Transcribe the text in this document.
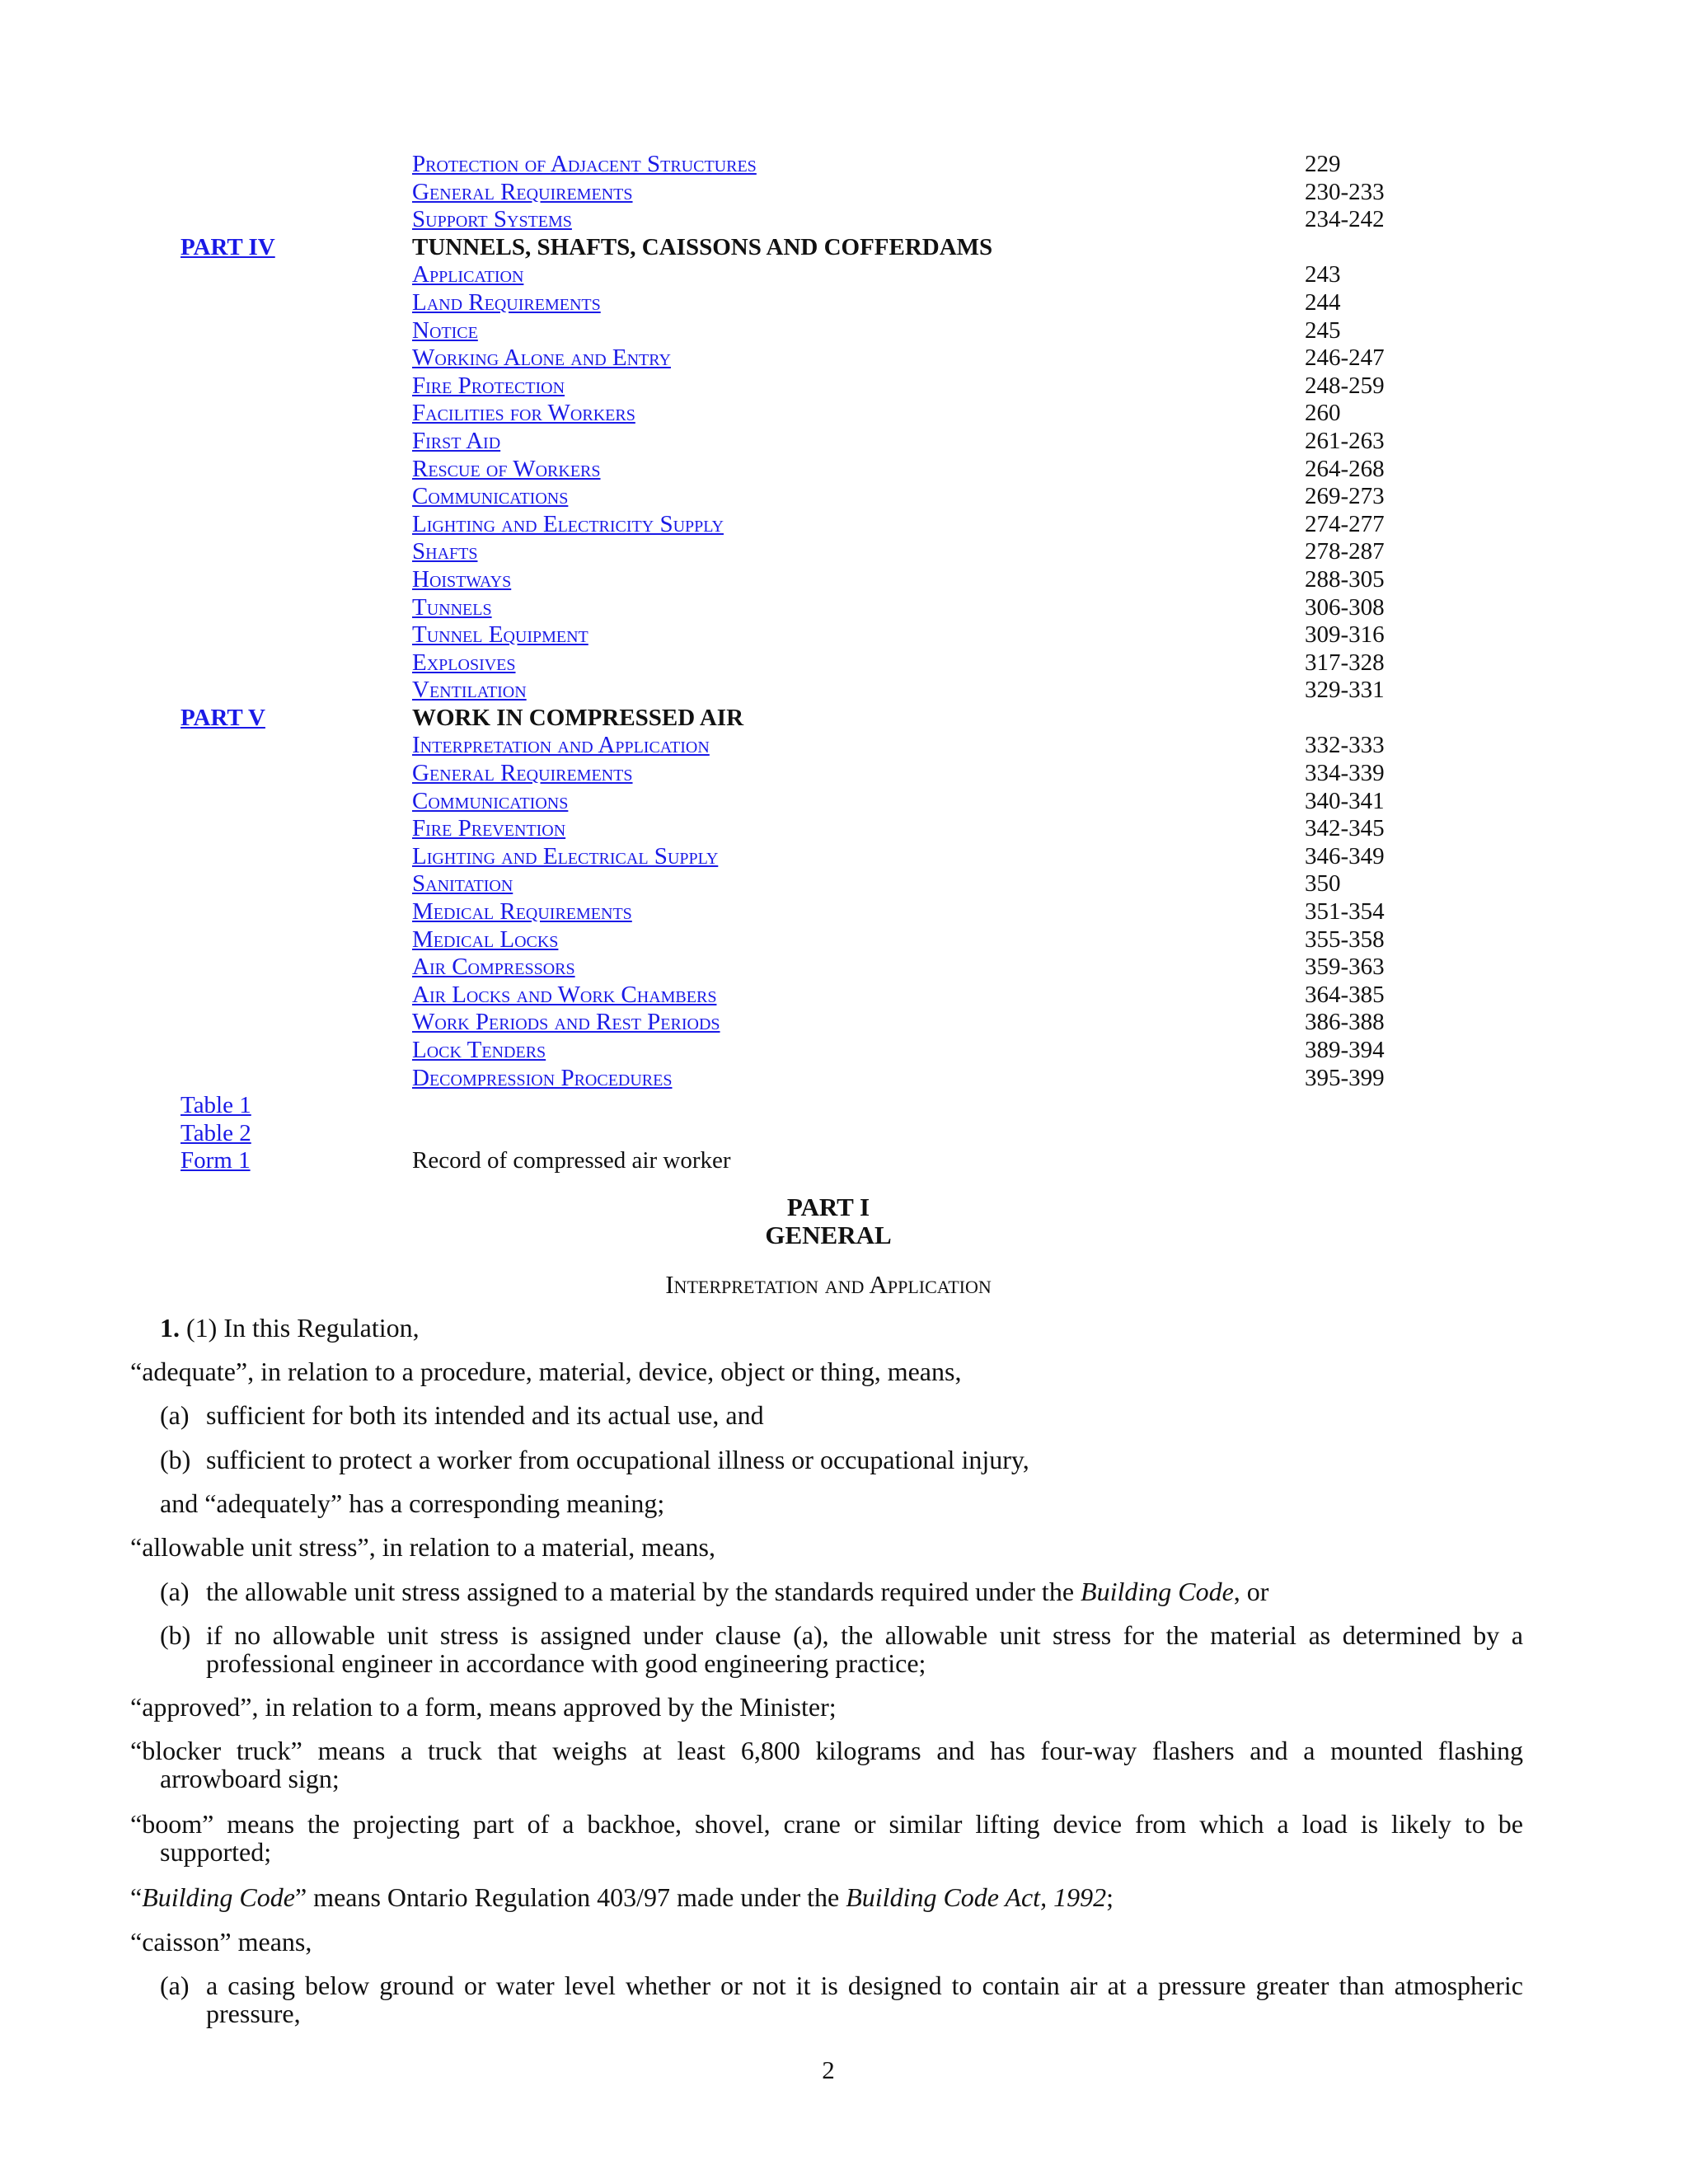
Protection of Adjacent Structures	229
General Requirements	230-233
Support Systems	234-242
PART IV	TUNNELS, SHAFTS, CAISSONS AND COFFERDAMS
Application	243
Land Requirements	244
Notice	245
Working Alone and Entry	246-247
Fire Protection	248-259
Facilities for Workers	260
First Aid	261-263
Rescue of Workers	264-268
Communications	269-273
Lighting and Electricity Supply	274-277
Shafts	278-287
Hoistways	288-305
Tunnels	306-308
Tunnel Equipment	309-316
Explosives	317-328
Ventilation	329-331
PART V	WORK IN COMPRESSED AIR
Interpretation and Application	332-333
General Requirements	334-339
Communications	340-341
Fire Prevention	342-345
Lighting and Electrical Supply	346-349
Sanitation	350
Medical Requirements	351-354
Medical Locks	355-358
Air Compressors	359-363
Air Locks and Work Chambers	364-385
Work Periods and Rest Periods	386-388
Lock Tenders	389-394
Decompression Procedures	395-399
Table 1
Table 2
Form 1	Record of compressed air worker
PART I
GENERAL
Interpretation and Application
1. (1) In this Regulation,
“adequate”, in relation to a procedure, material, device, object or thing, means,
(a) sufficient for both its intended and its actual use, and
(b) sufficient to protect a worker from occupational illness or occupational injury,
and “adequately” has a corresponding meaning;
“allowable unit stress”, in relation to a material, means,
(a) the allowable unit stress assigned to a material by the standards required under the Building Code, or
(b) if no allowable unit stress is assigned under clause (a), the allowable unit stress for the material as determined by a professional engineer in accordance with good engineering practice;
“approved”, in relation to a form, means approved by the Minister;
“blocker truck” means a truck that weighs at least 6,800 kilograms and has four-way flashers and a mounted flashing
arrowboard sign;
“boom” means the projecting part of a backhoe, shovel, crane or similar lifting device from which a load is likely to be
supported;
“Building Code” means Ontario Regulation 403/97 made under the Building Code Act, 1992;
“caisson” means,
(a) a casing below ground or water level whether or not it is designed to contain air at a pressure greater than atmospheric pressure,
2
